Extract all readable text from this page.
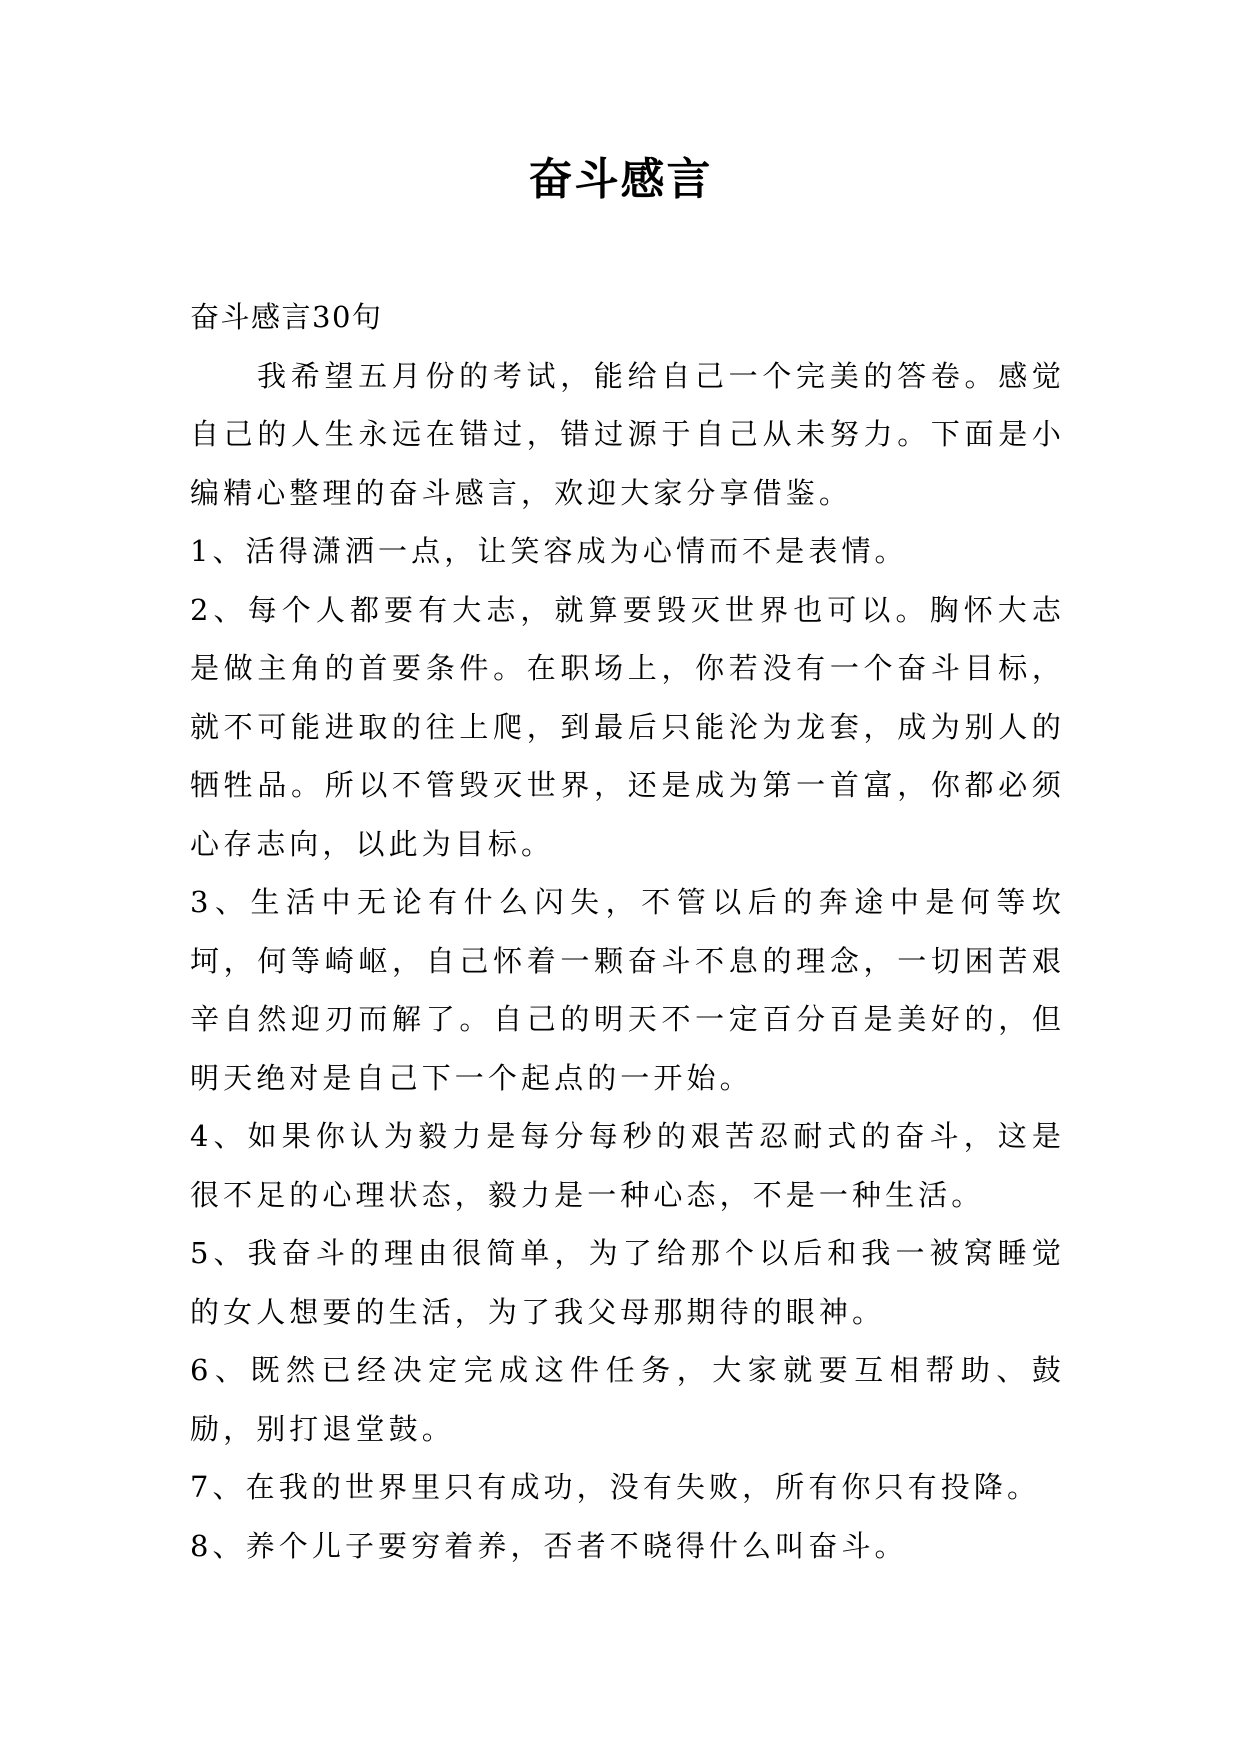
奋斗感言

奋斗感言30句

我希望五月份的考试，能给自己一个完美的答卷。感觉自己的人生永远在错过，错过源于自己从未努力。下面是小编精心整理的奋斗感言，欢迎大家分享借鉴。

1、活得潇洒一点，让笑容成为心情而不是表情。

2、每个人都要有大志，就算要毁灭世界也可以。胸怀大志是做主角的首要条件。在职场上，你若没有一个奋斗目标，就不可能进取的往上爬，到最后只能沦为龙套，成为别人的牺牲品。所以不管毁灭世界，还是成为第一首富，你都必须心存志向，以此为目标。

3、生活中无论有什么闪失，不管以后的奔途中是何等坎坷，何等崎岖，自己怀着一颗奋斗不息的理念，一切困苦艰辛自然迎刃而解了。自己的明天不一定百分百是美好的，但明天绝对是自己下一个起点的一开始。

4、如果你认为毅力是每分每秒的艰苦忍耐式的奋斗，这是很不足的心理状态，毅力是一种心态，不是一种生活。

5、我奋斗的理由很简单，为了给那个以后和我一被窝睡觉的女人想要的生活，为了我父母那期待的眼神。

6、既然已经决定完成这件任务，大家就要互相帮助、鼓励，别打退堂鼓。

7、在我的世界里只有成功，没有失败，所有你只有投降。

8、养个儿子要穷着养，否者不晓得什么叫奋斗。
